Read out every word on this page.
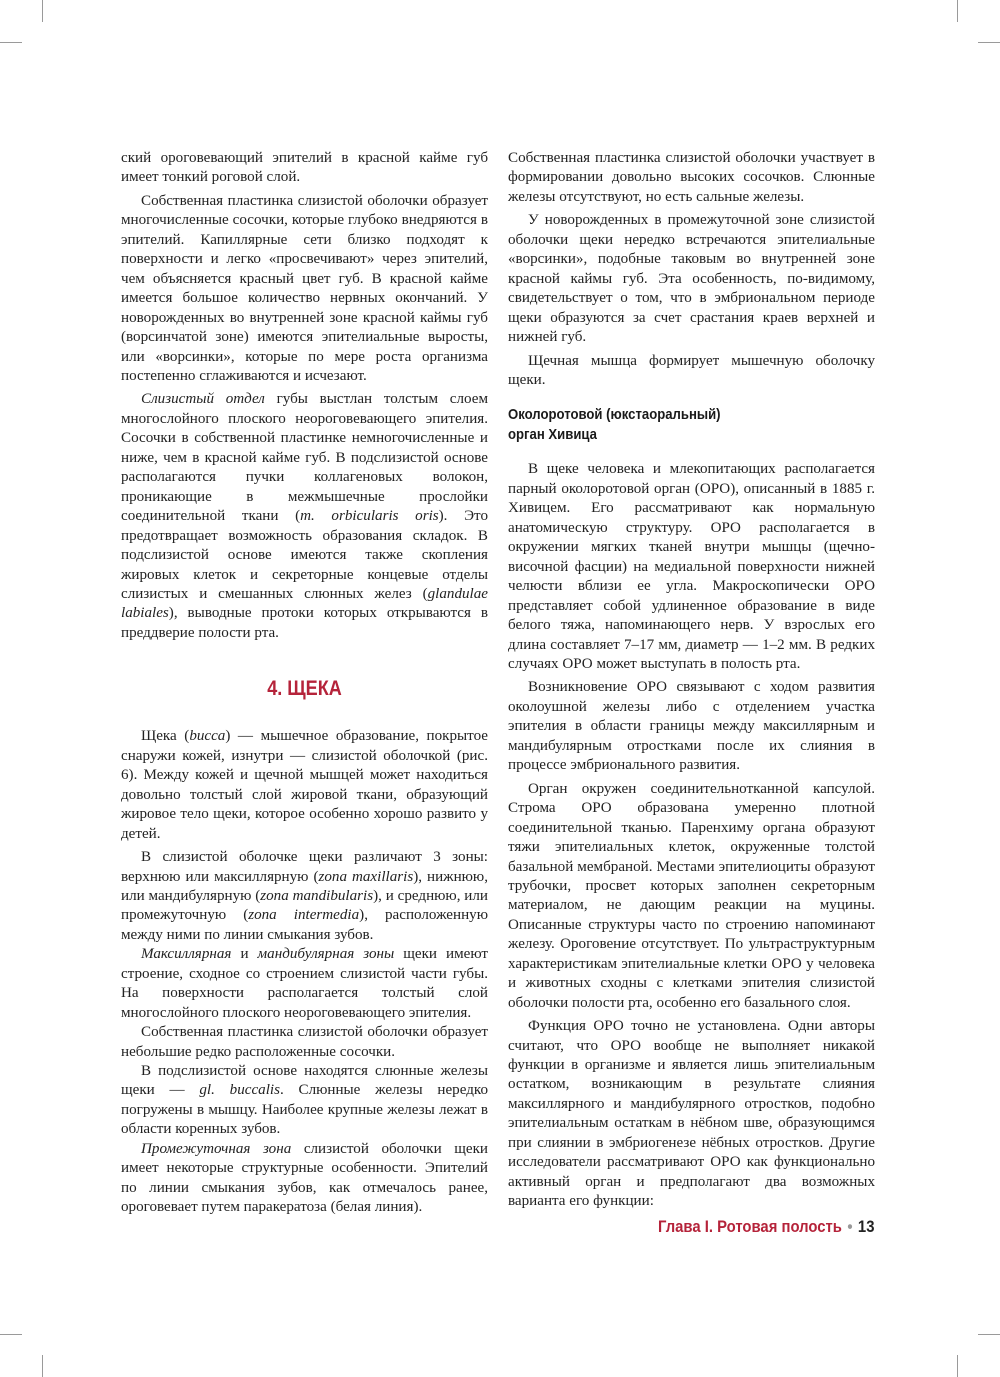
ский ороговевающий эпителий в красной кайме губ имеет тонкий роговой слой.

Собственная пластинка слизистой оболочки образует многочисленные сосочки, которые глубоко внедряются в эпителий. Капиллярные сети близко подходят к поверхности и легко «просвечивают» через эпителий, чем объясняется красный цвет губ. В красной кайме имеется большое количество нервных окончаний. У новорожденных во внутренней зоне красной каймы губ (ворсинчатой зоне) имеются эпителиальные выросты, или «ворсинки», которые по мере роста организма постепенно сглаживаются и исчезают.

Слизистый отдел губы выстлан толстым слоем многослойного плоского неороговевающего эпителия. Сосочки в собственной пластинке немногочисленные и ниже, чем в красной кайме губ. В подслизистой основе располагаются пучки коллагеновых волокон, проникающие в межмышечные прослойки соединительной ткани (m. orbicularis oris). Это предотвращает возможность образования складок. В подслизистой основе имеются также скопления жировых клеток и секреторные концевые отделы слизистых и смешанных слюнных желез (glandulae labiales), выводные протоки которых открываются в преддверие полости рта.

4. ЩЕКА

Щека (bucca) — мышечное образование, покрытое снаружи кожей, изнутри — слизистой оболочкой (рис. 6). Между кожей и щечной мышцей может находиться довольно толстый слой жировой ткани, образующий жировое тело щеки, которое особенно хорошо развито у детей.

В слизистой оболочке щеки различают 3 зоны: верхнюю или максиллярную (zona maxillaris), нижнюю, или мандибулярную (zona mandibularis), и среднюю, или промежуточную (zona intermedia), расположенную между ними по линии смыкания зубов.

Максиллярная и мандибулярная зоны щеки имеют строение, сходное со строением слизистой части губы. На поверхности располагается толстый слой многослойного плоского неороговевающего эпителия.

Собственная пластинка слизистой оболочки образует небольшие редко расположенные сосочки.

В подслизистой основе находятся слюнные железы щеки — gl. buccalis. Слюнные железы нередко погружены в мышцу. Наиболее крупные железы лежат в области коренных зубов.

Промежуточная зона слизистой оболочки щеки имеет некоторые структурные особенности. Эпителий по линии смыкания зубов, как отмечалось ранее, ороговевает путем паракератоза (белая линия).

Собственная пластинка слизистой оболочки участвует в формировании довольно высоких сосочков. Слюнные железы отсутствуют, но есть сальные железы.

У новорожденных в промежуточной зоне слизистой оболочки щеки нередко встречаются эпителиальные «ворсинки», подобные таковым во внутренней зоне красной каймы губ. Эта особенность, по-видимому, свидетельствует о том, что в эмбриональном периоде щеки образуются за счет срастания краев верхней и нижней губ.

Щечная мышца формирует мышечную оболочку щеки.

Околоротовой (юкстаоральный)
орган Хивица

В щеке человека и млекопитающих располагается парный околоротовой орган (ОРО), описанный в 1885 г. Хивицем. Его рассматривают как нормальную анатомическую структуру. ОРО располагается в окружении мягких тканей внутри мышцы (щечно-височной фасции) на медиальной поверхности нижней челюсти вблизи ее угла. Макроскопически ОРО представляет собой удлиненное образование в виде белого тяжа, напоминающего нерв. У взрослых его длина составляет 7–17 мм, диаметр — 1–2 мм. В редких случаях ОРО может выступать в полость рта.

Возникновение ОРО связывают с ходом развития околоушной железы либо с отделением участка эпителия в области границы между максиллярным и мандибулярным отростками после их слияния в процессе эмбрионального развития.

Орган окружен соединительнотканной капсулой. Строма ОРО образована умеренно плотной соединительной тканью. Паренхиму органа образуют тяжи эпителиальных клеток, окруженные толстой базальной мембраной. Местами эпителиоциты образуют трубочки, просвет которых заполнен секреторным материалом, не дающим реакции на муцины. Описанные структуры часто по строению напоминают железу. Ороговение отсутствует. По ультраструктурным характеристикам эпителиальные клетки ОРО у человека и животных сходны с клетками эпителия слизистой оболочки полости рта, особенно его базального слоя.

Функция ОРО точно не установлена. Одни авторы считают, что ОРО вообще не выполняет никакой функции в организме и является лишь эпителиальным остатком, возникающим в результате слияния максиллярного и мандибулярного отростков, подобно эпителиальным остаткам в нёбном шве, образующимся при слиянии в эмбриогенезе нёбных отростков. Другие исследователи рассматривают ОРО как функционально активный орган и предполагают два возможных варианта его функции:

Глава I. Ротовая полость • 13
